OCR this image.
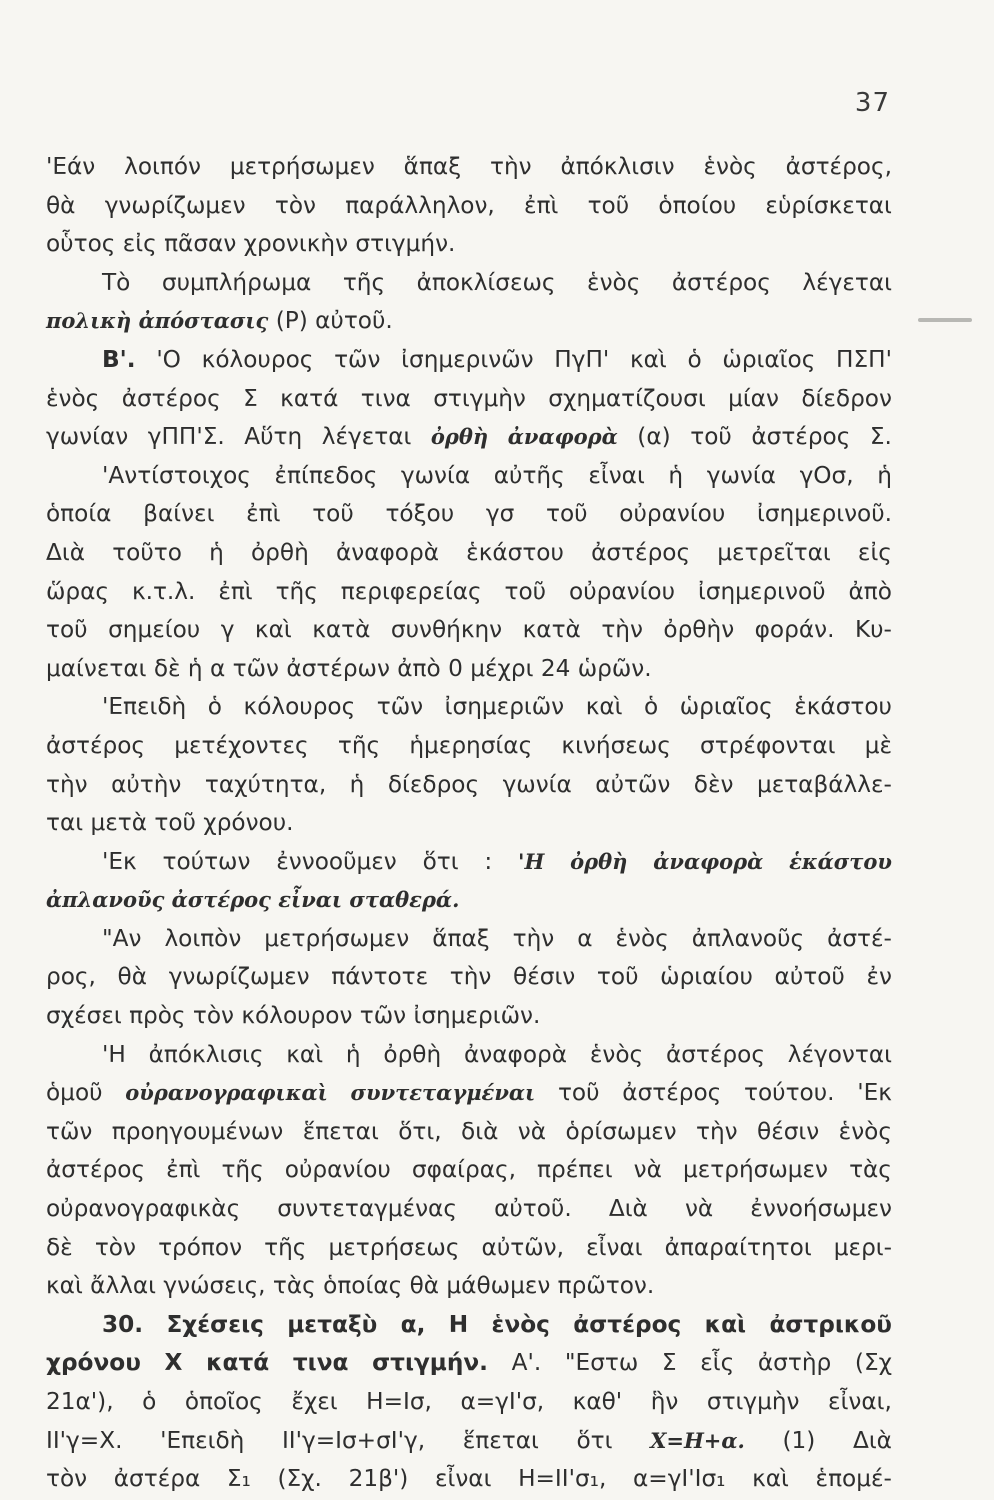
37
'Εάν λοιπόν μετρήσωμεν ἅπαξ τὴν ἀπόκλισιν ἑνὸς ἀστέρος,
θὰ γνωρίζωμεν τὸν παράλληλον, ἐπὶ τοῦ ὁποίου εὑρίσκεται
οὗτος εἰς πᾶσαν χρονικὴν στιγμήν.
Τὸ συμπλήρωμα τῆς ἀποκλίσεως ἑνὸς ἀστέρος λέγεται
πολικὴ ἀπόστασις (P) αὐτοῦ.
B'. 'Ο κόλουρος τῶν ἰσημερινῶν ΠγΠ' καὶ ὁ ὡριαῖος ΠΣΠ'
ἑνὸς ἀστέρος Σ κατά τινα στιγμὴν σχηματίζουσι μίαν δίεδρον
γωνίαν γΠΠ'Σ. Αὕτη λέγεται ὀρθὴ ἀναφορὰ (α) τοῦ ἀστέρος Σ.
'Αντίστοιχος ἐπίπεδος γωνία αὐτῆς εἶναι ἡ γωνία γOσ, ἡ
ὁποία βαίνει ἐπὶ τοῦ τόξου γσ τοῦ οὐρανίου ἰσημερινοῦ.
Διὰ τοῦτο ἡ ὀρθὴ ἀναφορὰ ἑκάστου ἀστέρος μετρεῖται εἰς
ὥρας κ.τ.λ. ἐπὶ τῆς περιφερείας τοῦ οὐρανίου ἰσημερινοῦ ἀπὸ
τοῦ σημείου γ καὶ κατὰ συνθήκην κατὰ τὴν ὀρθὴν φοράν. Κυ-
μαίνεται δὲ ἡ α τῶν ἀστέρων ἀπὸ 0 μέχρι 24 ὡρῶν.
'Επειδὴ ὁ κόλουρος τῶν ἰσημεριῶν καὶ ὁ ὡριαῖος ἑκάστου
ἀστέρος μετέχοντες τῆς ἡμερησίας κινήσεως στρέφονται μὲ
τὴν αὐτὴν ταχύτητα, ἡ δίεδρος γωνία αὐτῶν δὲν μεταβάλλε-
ται μετὰ τοῦ χρόνου.
'Εκ τούτων ἐννοοῦμεν ὅτι : 'Η ὀρθὴ ἀναφορὰ ἑκάστου
ἀπλανοῦς ἀστέρος εἶναι σταθερά.
"Αν λοιπὸν μετρήσωμεν ἅπαξ τὴν α ἑνὸς ἀπλανοῦς ἀστέ-
ρος, θὰ γνωρίζωμεν πάντοτε τὴν θέσιν τοῦ ὡριαίου αὐτοῦ ἐν
σχέσει πρὸς τὸν κόλουρον τῶν ἰσημεριῶν.
'Η ἀπόκλισις καὶ ἡ ὀρθὴ ἀναφορὰ ἑνὸς ἀστέρος λέγονται
ὁμοῦ οὐρανογραφικαὶ συντεταγμέναι τοῦ ἀστέρος τούτου. 'Εκ
τῶν προηγουμένων ἕπεται ὅτι, διὰ νὰ ὁρίσωμεν τὴν θέσιν ἑνὸς
ἀστέρος ἐπὶ τῆς οὐρανίου σφαίρας, πρέπει νὰ μετρήσωμεν τὰς
οὐρανογραφικὰς συντεταγμένας αὐτοῦ. Διὰ νὰ ἐννοήσωμεν
δὲ τὸν τρόπον τῆς μετρήσεως αὐτῶν, εἶναι ἀπαραίτητοι μερι-
καὶ ἄλλαι γνώσεις, τὰς ὁποίας θὰ μάθωμεν πρῶτον.
30. Σχέσεις μεταξὺ α, Η ἑνὸς ἀστέρος καὶ ἀστρικοῦ
χρόνου Χ κατά τινα στιγμήν. A'. "Εστω Σ εἷς ἀστὴρ (Σχ
21α'), ὁ ὁποῖος ἔχει Η=Ισ, α=γΙ'σ, καθ' ἣν στιγμὴν εἶναι,
ΙΙ'γ=Χ. 'Επειδὴ ΙΙ'γ=Ισ+σΙ'γ, ἕπεται ὅτι Χ=Η+α. (1) Διὰ
τὸν ἀστέρα Σ₁ (Σχ. 21β') εἶναι Η=ΙΙ'σ₁, α=γΙ'Ισ₁ καὶ ἑπομέ-
